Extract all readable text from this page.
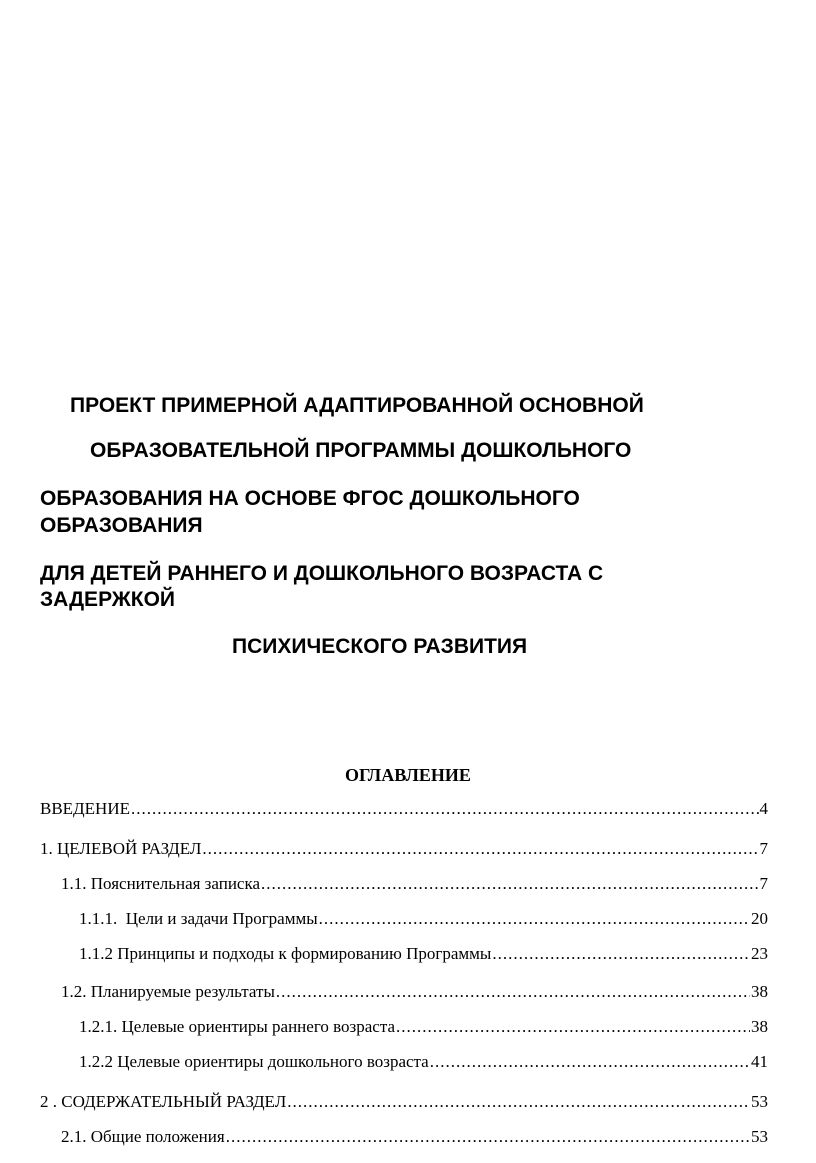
ПРОЕКТ ПРИМЕРНОЙ АДАПТИРОВАННОЙ ОСНОВНОЙ
ОБРАЗОВАТЕЛЬНОЙ ПРОГРАММЫ ДОШКОЛЬНОГО
ОБРАЗОВАНИЯ НА ОСНОВЕ ФГОС ДОШКОЛЬНОГО
ОБРАЗОВАНИЯ
ДЛЯ ДЕТЕЙ РАННЕГО И ДОШКОЛЬНОГО ВОЗРАСТА С
ЗАДЕРЖКОЙ
ПСИХИЧЕСКОГО РАЗВИТИЯ
ОГЛАВЛЕНИЕ
ВВЕДЕНИЕ .....	4
1. ЦЕЛЕВОЙ РАЗДЕЛ .....	7
1.1. Пояснительная записка .....	7
1.1.1.  Цели и задачи Программы .....	20
1.1.2 Принципы и подходы к формированию Программы .....	23
1.2. Планируемые результаты .....	38
1.2.1. Целевые ориентиры раннего возраста .....	38
1.2.2 Целевые ориентиры дошкольного возраста .....	41
2 . СОДЕРЖАТЕЛЬНЫЙ РАЗДЕЛ .....	53
2.1. Общие положения .....	53
